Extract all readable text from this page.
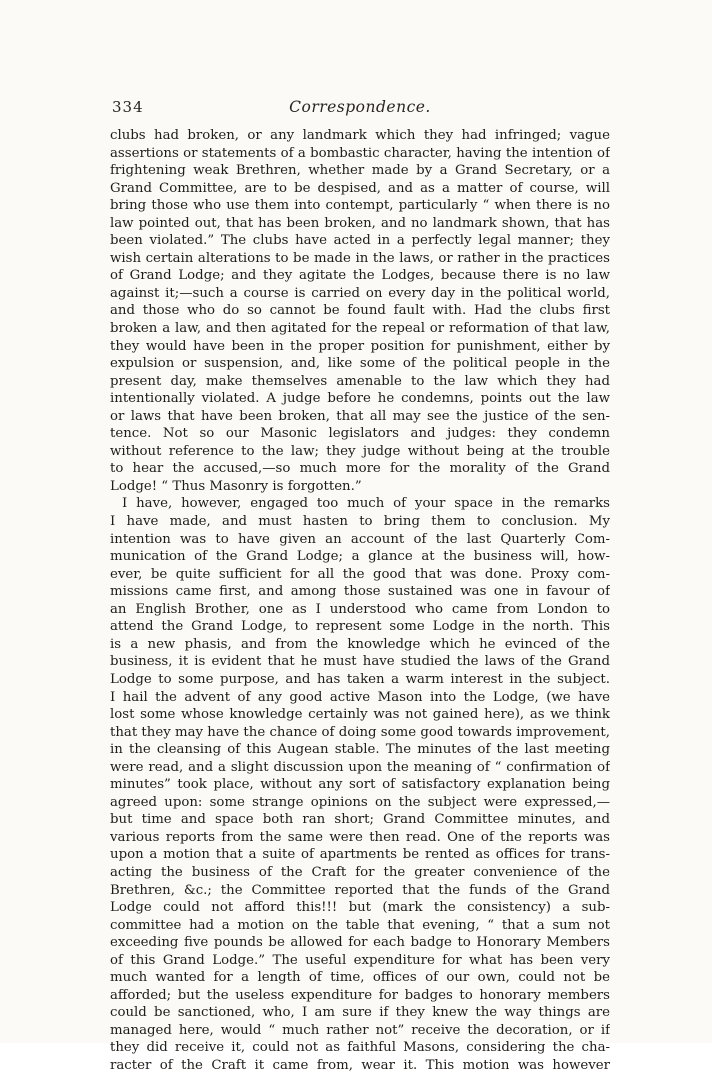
334	Correspondence.
clubs had broken, or any landmark which they had infringed; vague
assertions or statements of a bombastic character, having the intention of
frightening weak Brethren, whether made by a Grand Secretary, or a
Grand Committee, are to be despised, and as a matter of course, will
bring those who use them into contempt, particularly “ when there is no
law pointed out, that has been broken, and no landmark shown, that has
been violated.” The clubs have acted in a perfectly legal manner; they
wish certain alterations to be made in the laws, or rather in the practices
of Grand Lodge; and they agitate the Lodges, because there is no law
against it;—such a course is carried on every day in the political world,
and those who do so cannot be found fault with. Had the clubs first
broken a law, and then agitated for the repeal or reformation of that law,
they would have been in the proper position for punishment, either by
expulsion or suspension, and, like some of the political people in the
present day, make themselves amenable to the law which they had
intentionally violated. A judge before he condemns, points out the law
or laws that have been broken, that all may see the justice of the sen-
tence. Not so our Masonic legislators and judges: they condemn
without reference to the law; they judge without being at the trouble
to hear the accused,—so much more for the morality of the Grand
Lodge! “ Thus Masonry is forgotten.”
I have, however, engaged too much of your space in the remarks
I have made, and must hasten to bring them to conclusion. My
intention was to have given an account of the last Quarterly Com-
munication of the Grand Lodge; a glance at the business will, how-
ever, be quite sufficient for all the good that was done. Proxy com-
missions came first, and among those sustained was one in favour of
an English Brother, one as I understood who came from London to
attend the Grand Lodge, to represent some Lodge in the north. This
is a new phasis, and from the knowledge which he evinced of the
business, it is evident that he must have studied the laws of the Grand
Lodge to some purpose, and has taken a warm interest in the subject.
I hail the advent of any good active Mason into the Lodge, (we have
lost some whose knowledge certainly was not gained here), as we think
that they may have the chance of doing some good towards improvement,
in the cleansing of this Augean stable. The minutes of the last meeting
were read, and a slight discussion upon the meaning of “ confirmation of
minutes” took place, without any sort of satisfactory explanation being
agreed upon: some strange opinions on the subject were expressed,—
but time and space both ran short; Grand Committee minutes, and
various reports from the same were then read. One of the reports was
upon a motion that a suite of apartments be rented as offices for trans-
acting the business of the Craft for the greater convenience of the
Brethren, &c.; the Committee reported that the funds of the Grand
Lodge could not afford this!!! but (mark the consistency) a sub-
committee had a motion on the table that evening, “ that a sum not
exceeding five pounds be allowed for each badge to Honorary Members
of this Grand Lodge.” The useful expenditure for what has been very
much wanted for a length of time, offices of our own, could not be
afforded; but the useless expenditure for badges to honorary members
could be sanctioned, who, I am sure if they knew the way things are
managed here, would “ much rather not” receive the decoration, or if
they did receive it, could not as faithful Masons, considering the cha-
racter of the Craft it came from, wear it. This motion was however
